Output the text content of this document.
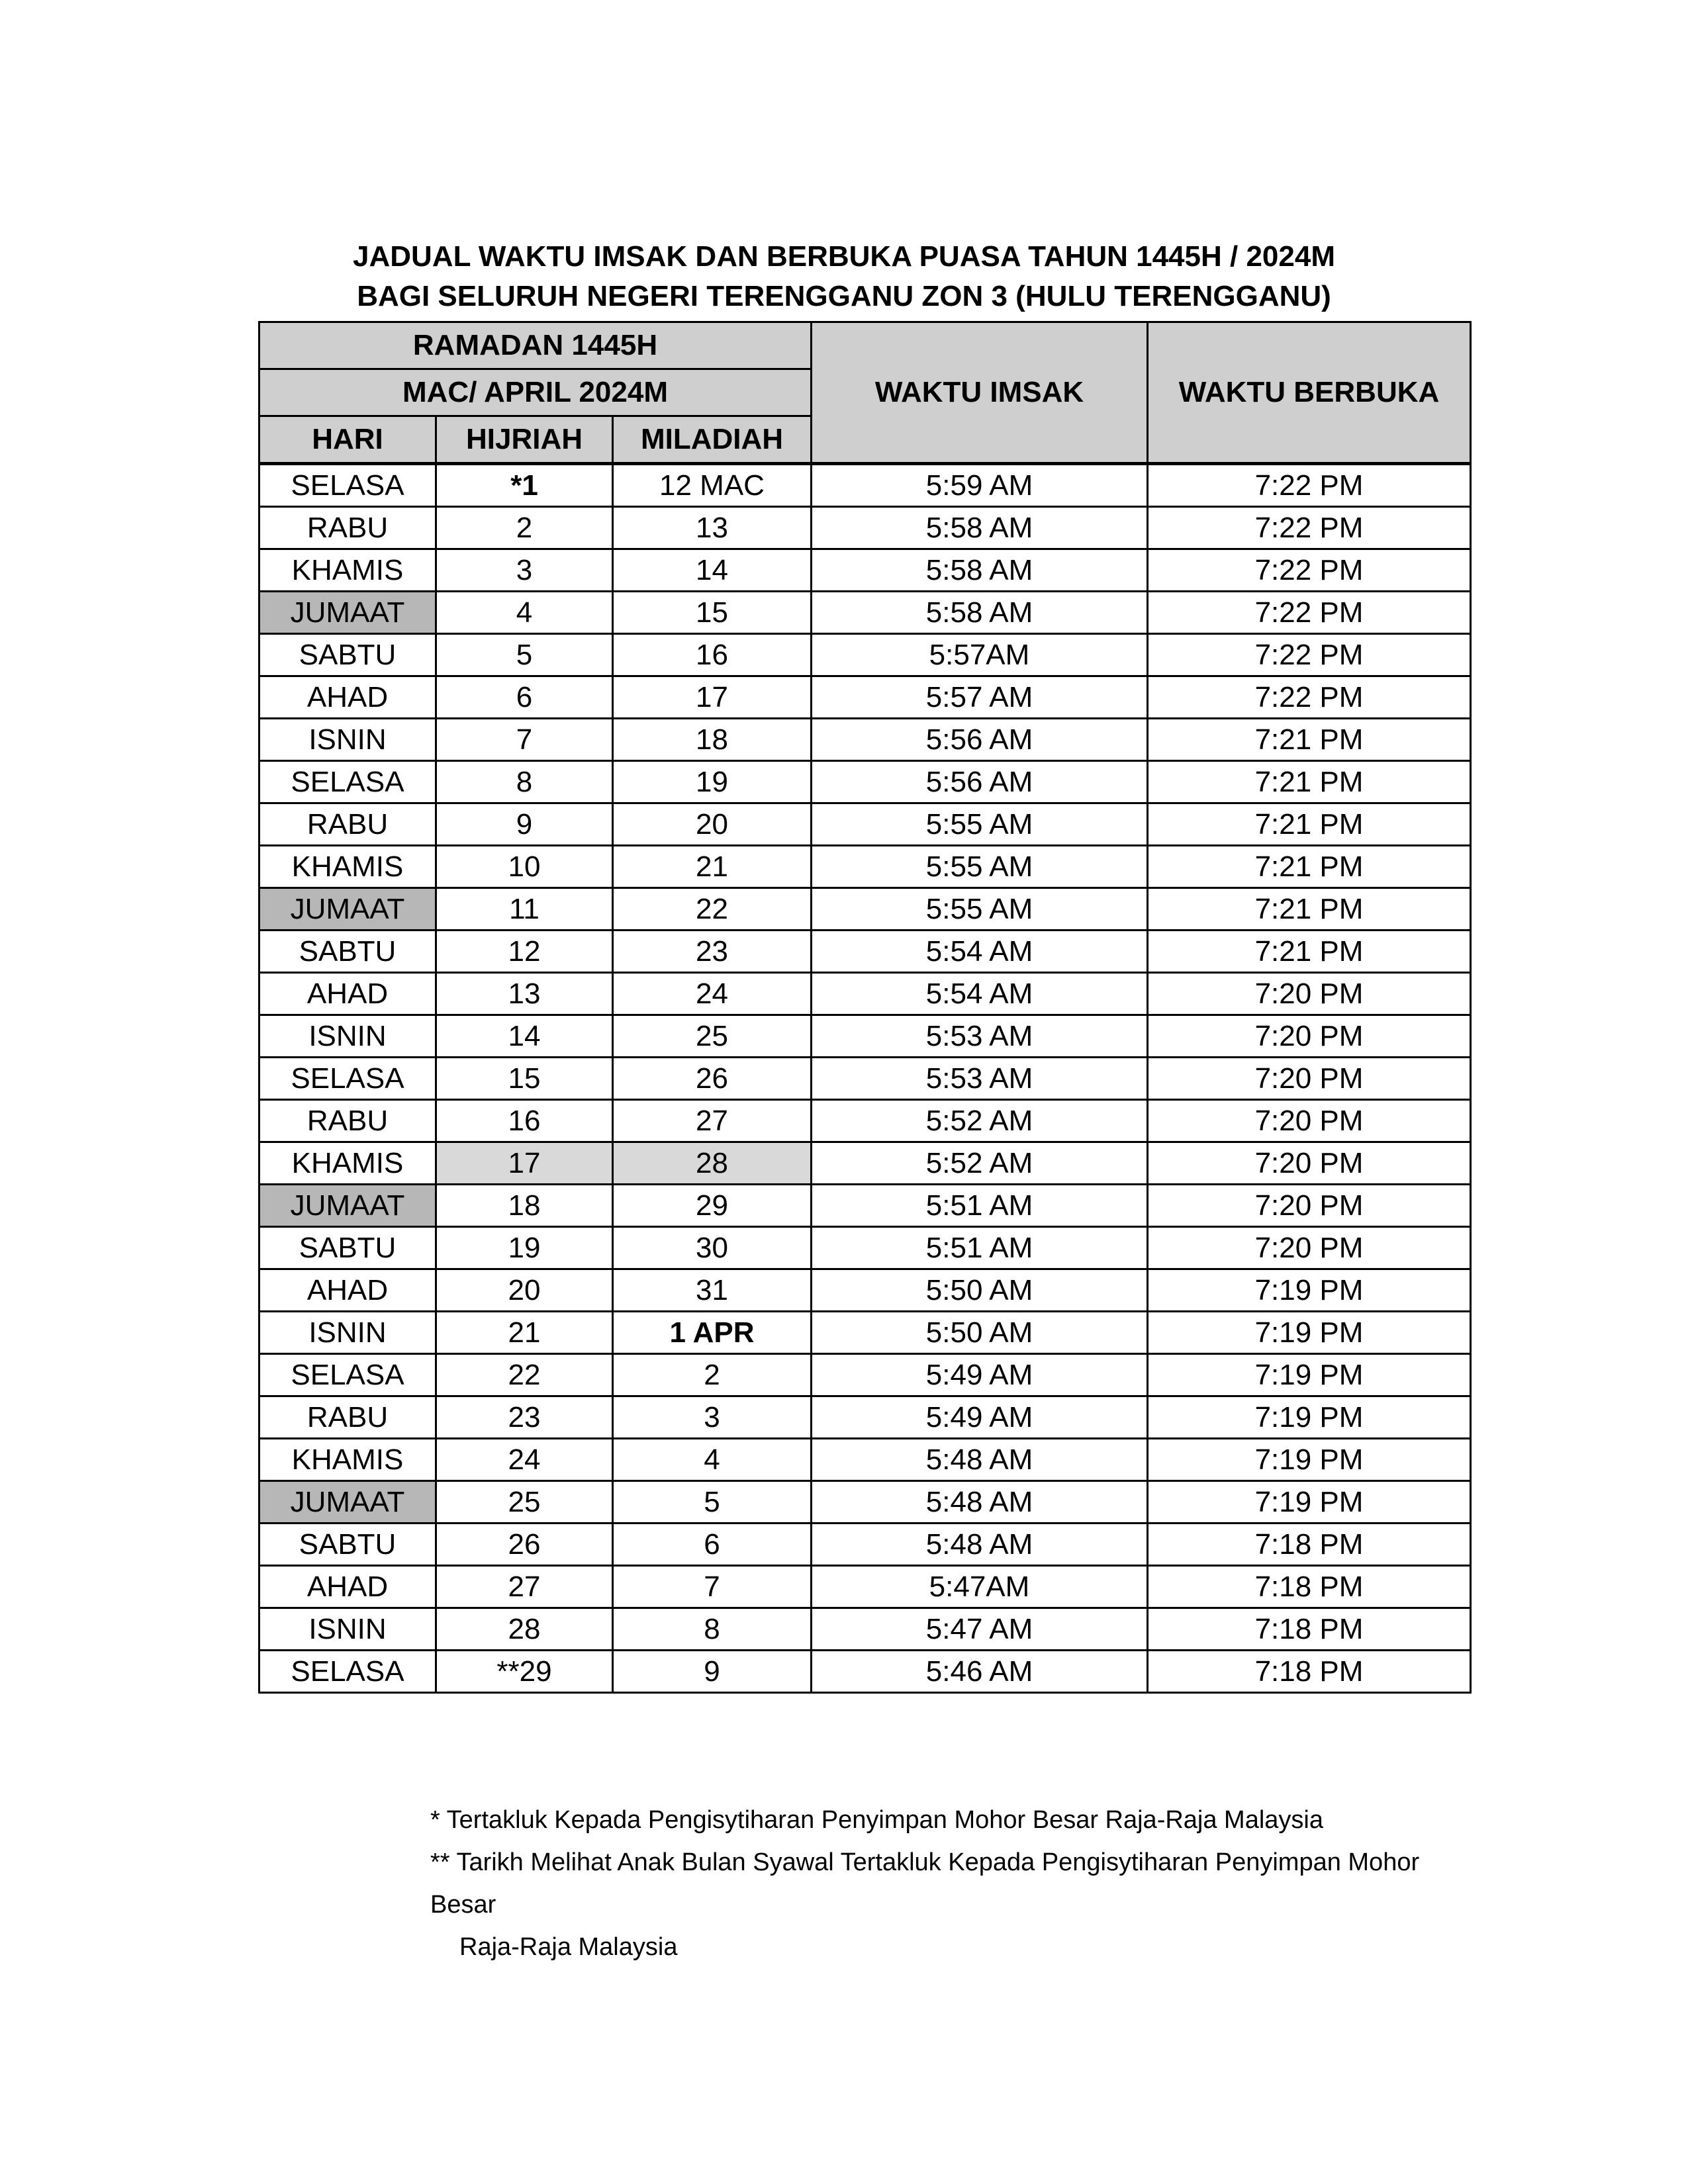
JADUAL WAKTU IMSAK DAN BERBUKA PUASA TAHUN 1445H / 2024M
BAGI SELURUH NEGERI TERENGGANU ZON 3 (HULU TERENGGANU)
RAMADAN 1445H			WAKTU IMSAK	WAKTU BERBUKA
MAC/ APRIL 2024M				
HARI	HIJRIAH	MILADIAH		
SELASA	*1	12 MAC	5:59 AM	7:22 PM
RABU	2	13	5:58 AM	7:22 PM
KHAMIS	3	14	5:58 AM	7:22 PM
JUMAAT	4	15	5:58 AM	7:22 PM
SABTU	5	16	5:57AM	7:22 PM
AHAD	6	17	5:57 AM	7:22 PM
ISNIN	7	18	5:56 AM	7:21 PM
SELASA	8	19	5:56 AM	7:21 PM
RABU	9	20	5:55 AM	7:21 PM
KHAMIS	10	21	5:55 AM	7:21 PM
JUMAAT	11	22	5:55 AM	7:21 PM
SABTU	12	23	5:54 AM	7:21 PM
AHAD	13	24	5:54 AM	7:20 PM
ISNIN	14	25	5:53 AM	7:20 PM
SELASA	15	26	5:53 AM	7:20 PM
RABU	16	27	5:52 AM	7:20 PM
KHAMIS	17	28	5:52 AM	7:20 PM
JUMAAT	18	29	5:51 AM	7:20 PM
SABTU	19	30	5:51 AM	7:20 PM
AHAD	20	31	5:50 AM	7:19 PM
ISNIN	21	1 APR	5:50 AM	7:19 PM
SELASA	22	2	5:49 AM	7:19 PM
RABU	23	3	5:49 AM	7:19 PM
KHAMIS	24	4	5:48 AM	7:19 PM
JUMAAT	25	5	5:48 AM	7:19 PM
SABTU	26	6	5:48 AM	7:18 PM
AHAD	27	7	5:47AM	7:18 PM
ISNIN	28	8	5:47 AM	7:18 PM
SELASA	**29	9	5:46 AM	7:18 PM
* Tertakluk Kepada Pengisytiharan Penyimpan Mohor Besar Raja-Raja Malaysia
** Tarikh Melihat Anak Bulan Syawal Tertakluk Kepada Pengisytiharan Penyimpan Mohor Besar
Raja-Raja Malaysia
